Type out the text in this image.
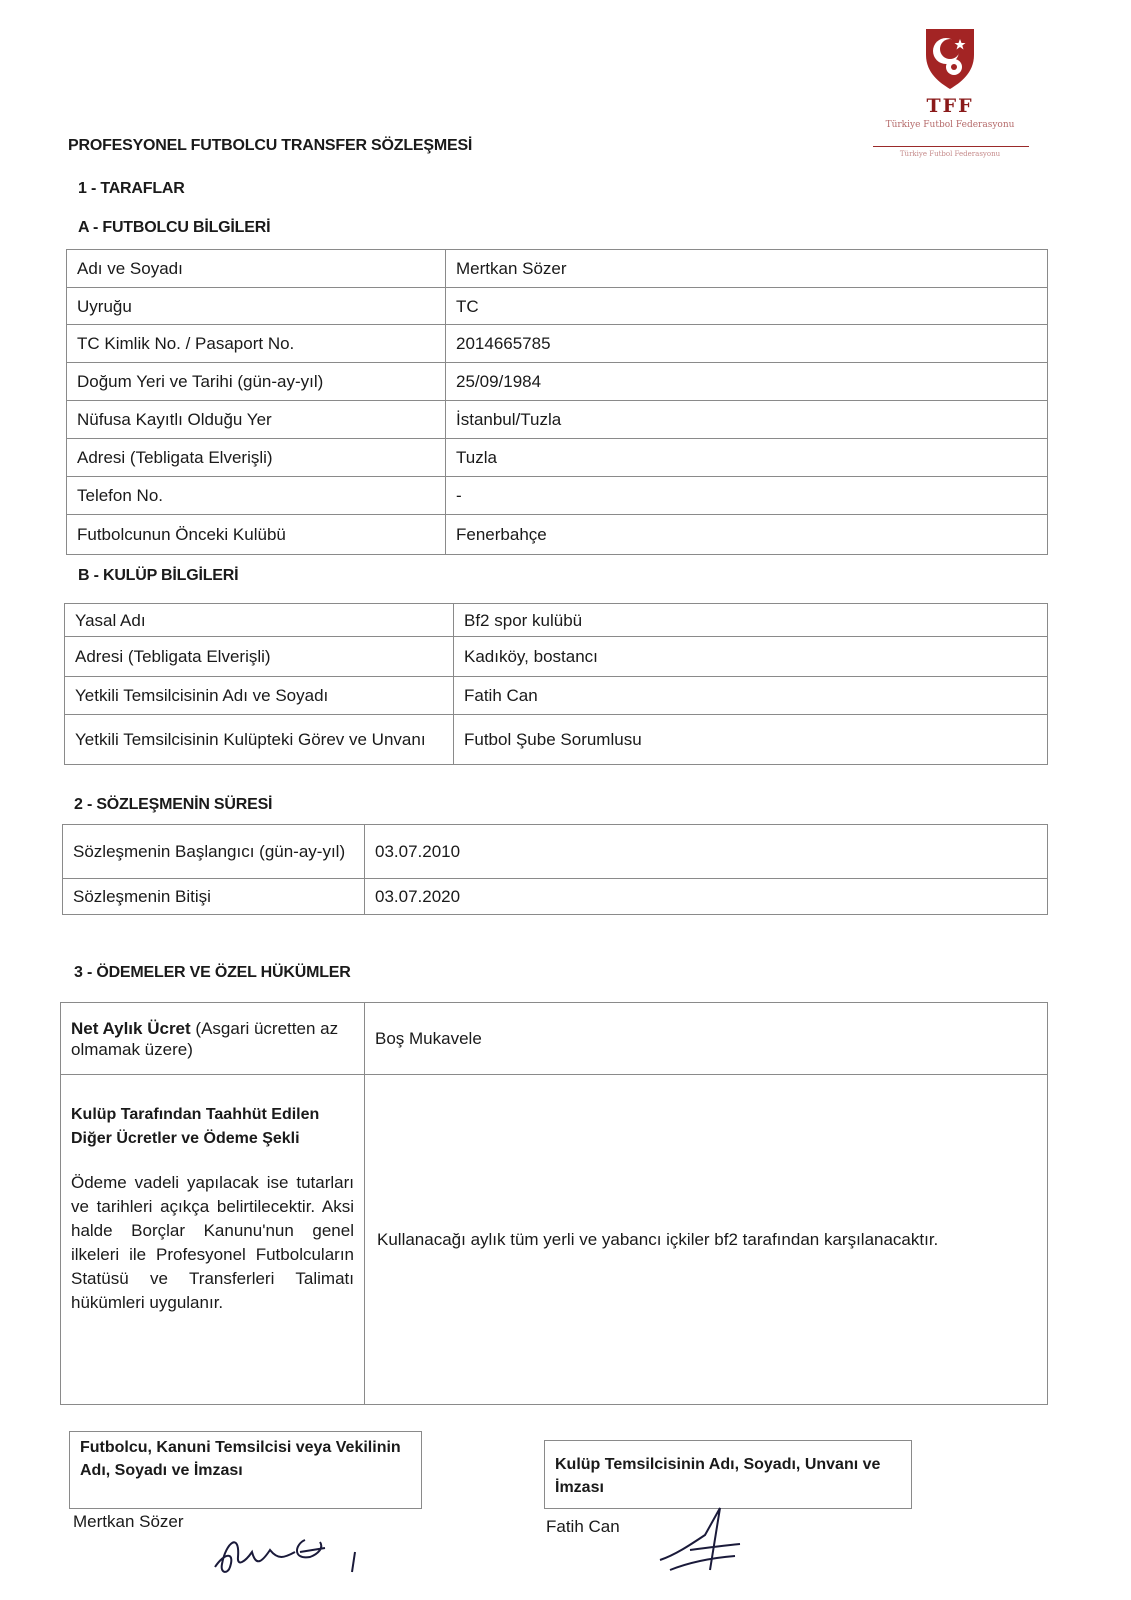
TFF
Türkiye Futbol Federasyonu
Türkiye Futbol Federasyonu
PROFESYONEL FUTBOLCU TRANSFER SÖZLEŞMESİ
1 - TARAFLAR
A - FUTBOLCU BİLGİLERİ
Adı ve Soyadı	Mertkan Sözer
Uyruğu	TC
TC Kimlik No. / Pasaport No.	2014665785
Doğum Yeri ve Tarihi (gün-ay-yıl)	25/09/1984
Nüfusa Kayıtlı Olduğu Yer	İstanbul/Tuzla
Adresi (Tebligata Elverişli)	Tuzla
Telefon No.	-
Futbolcunun Önceki Kulübü	Fenerbahçe
B - KULÜP BİLGİLERİ
Yasal Adı	Bf2 spor kulübü
Adresi (Tebligata Elverişli)	Kadıköy, bostancı
Yetkili Temsilcisinin Adı ve Soyadı	Fatih Can
Yetkili Temsilcisinin Kulüpteki Görev ve Unvanı	Futbol Şube Sorumlusu
2 - SÖZLEŞMENİN SÜRESİ
Sözleşmenin Başlangıcı (gün-ay-yıl)	03.07.2010
Sözleşmenin Bitişi	03.07.2020
3 - ÖDEMELER VE ÖZEL HÜKÜMLER
Net Aylık Ücret (Asgari ücretten az olmamak üzere)	Boş Mukavele

Kulüp Tarafından Taahhüt Edilen Diğer Ücretler ve Ödeme Şekli
Ödeme vadeli yapılacak ise tutarları ve tarihleri açıkça belirtilecektir. Aksi halde Borçlar Kanunu'nun genel ilkeleri ile Profesyonel Futbolcuların Statüsü ve Transferleri Talimatı hükümleri uygulanır.	Kullanacağı aylık tüm yerli ve yabancı içkiler bf2 tarafından karşılanacaktır.
Futbolcu, Kanuni Temsilcisi veya Vekilinin Adı, Soyadı ve İmzası
Mertkan Sözer
Kulüp Temsilcisinin Adı, Soyadı, Unvanı ve İmzası
Fatih Can
